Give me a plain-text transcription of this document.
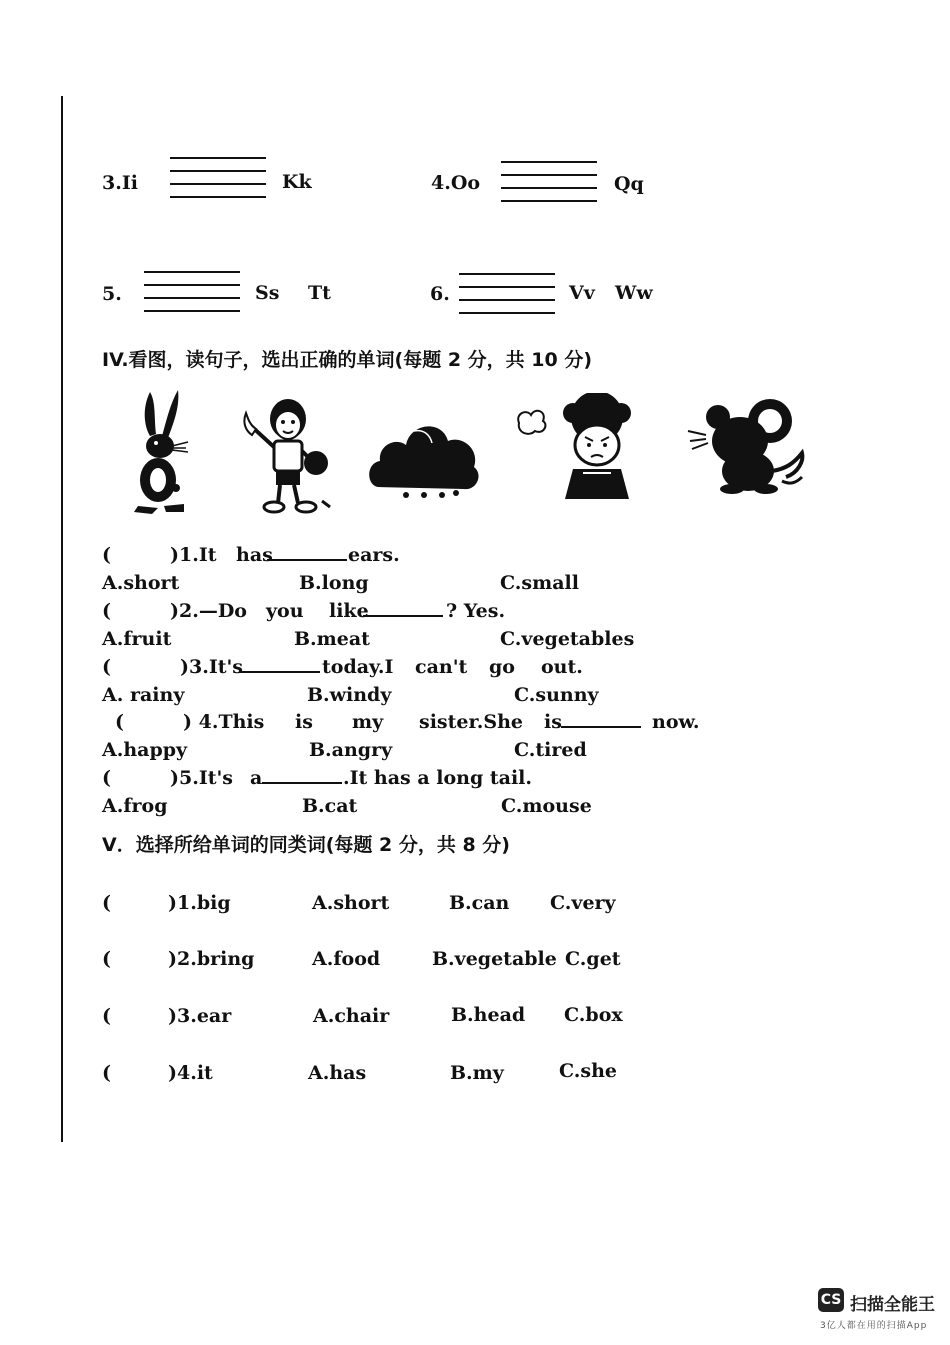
3.Ii	Kk	4.Oo	Qq
5.	Ss Tt	6.	Vv Ww
IV.看图，读句子，选出正确的单词(每题 2 分，共 10 分)
(	)1.It has	ears.
A.short	B.long	C.small
(	)2.—Do you like	? Yes.
A.fruit	B.meat	C.vegetables
(	)3.It's	today.I can't go out.
A. rainy	B.windy	C.sunny
(	) 4.This is my sister.She is	now.
A.happy	B.angry	C.tired
(	)5.It's a	.It has a long tail.
A.frog	B.cat	C.mouse
V．选择所给单词的同类词(每题 2 分，共 8 分)
(	)1.big	A.short	B.can C.very
(	)2.bring	A.food	B.vegetable C.get
(	)3.ear	A.chair	B.head C.box
(	)4.it	A.has	B.my	C.she
CS 扫描全能王
3亿人都在用的扫描App
